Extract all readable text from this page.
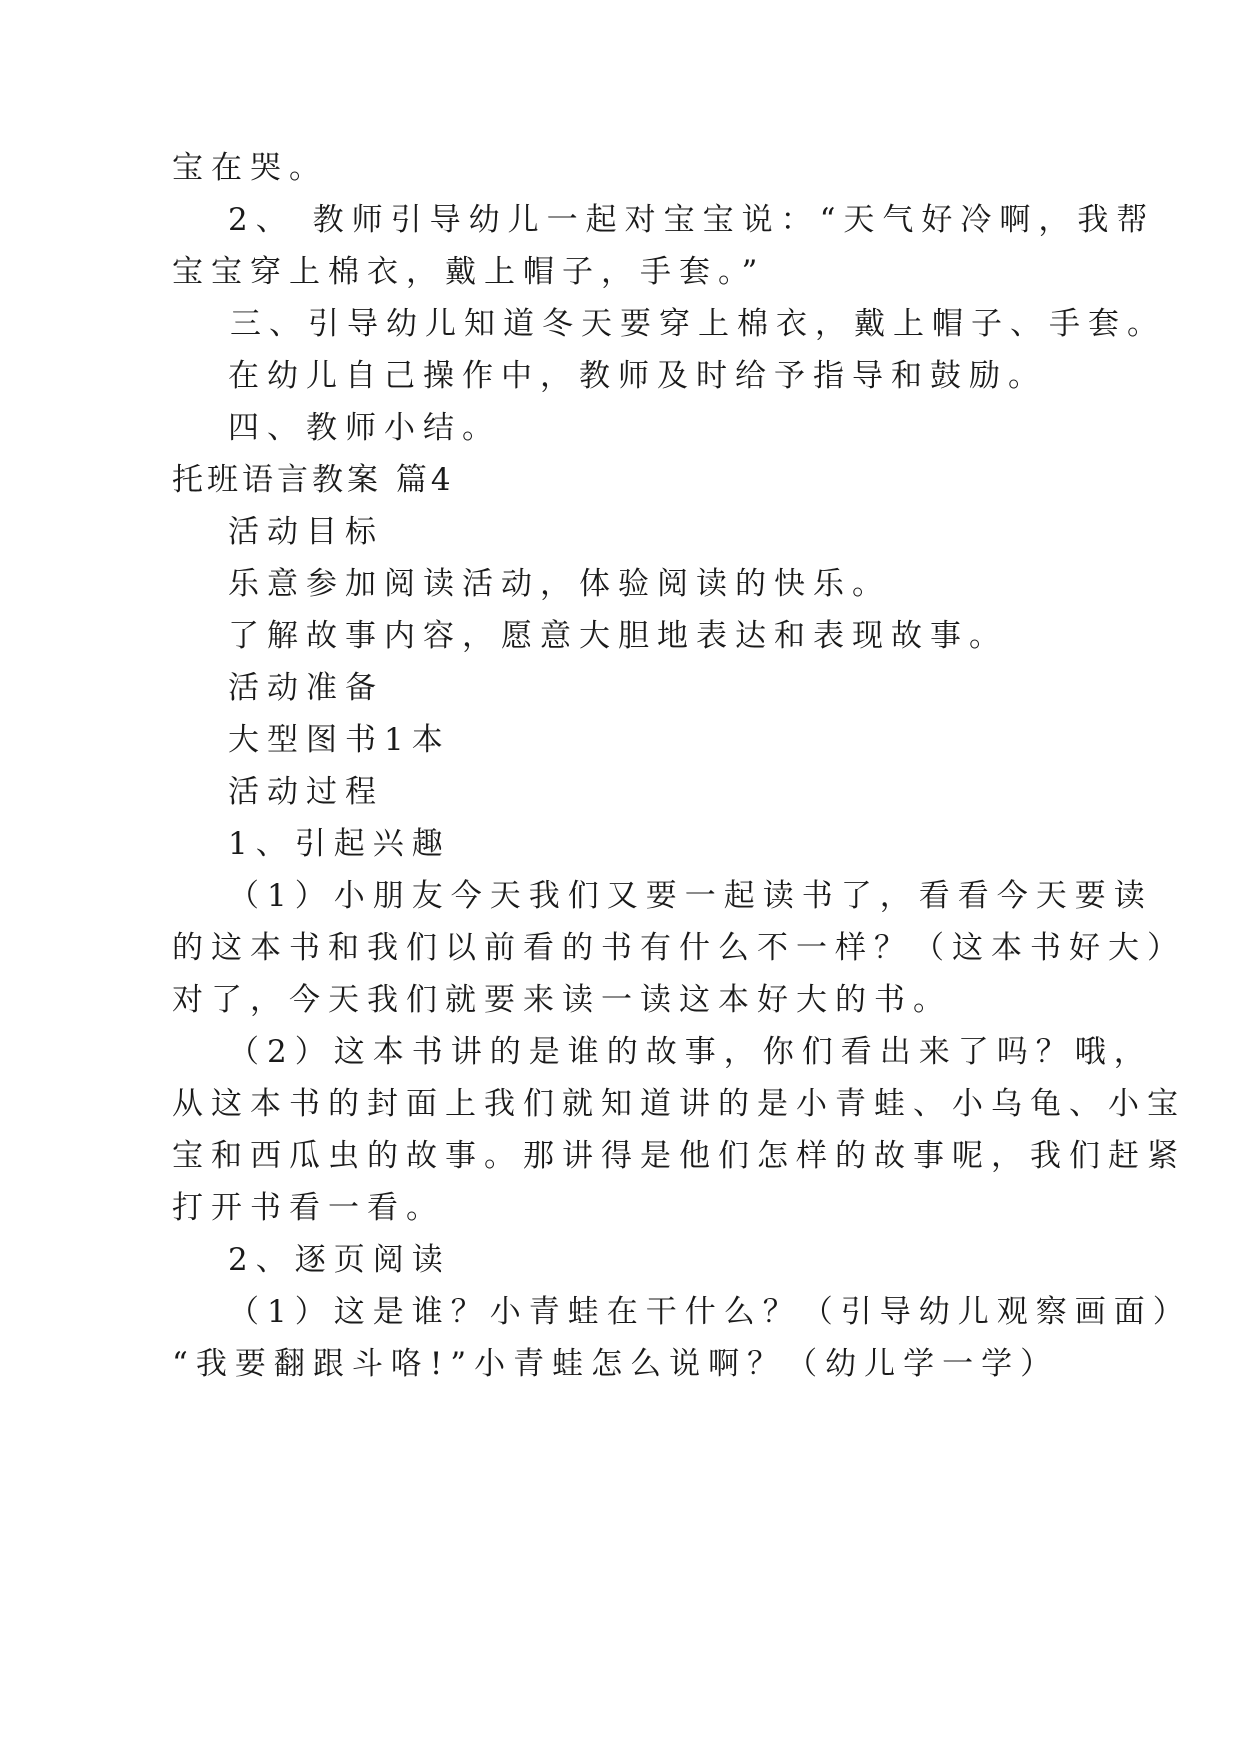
宝在哭。
2、 教师引导幼儿一起对宝宝说：“天气好冷啊，我帮
宝宝穿上棉衣，戴上帽子，手套。”
三、引导幼儿知道冬天要穿上棉衣，戴上帽子、手套。
在幼儿自己操作中，教师及时给予指导和鼓励。
四、教师小结。
托班语言教案 篇4
活动目标
乐意参加阅读活动，体验阅读的快乐。
了解故事内容，愿意大胆地表达和表现故事。
活动准备
大型图书1本
活动过程
1、引起兴趣
（1）小朋友今天我们又要一起读书了，看看今天要读
的这本书和我们以前看的书有什么不一样？（这本书好大）
对了，今天我们就要来读一读这本好大的书。
（2）这本书讲的是谁的故事，你们看出来了吗？哦，
从这本书的封面上我们就知道讲的是小青蛙、小乌龟、小宝
宝和西瓜虫的故事。那讲得是他们怎样的故事呢，我们赶紧
打开书看一看。
2、逐页阅读
（1）这是谁？小青蛙在干什么？（引导幼儿观察画面）
“我要翻跟斗咯!”小青蛙怎么说啊？（幼儿学一学）
